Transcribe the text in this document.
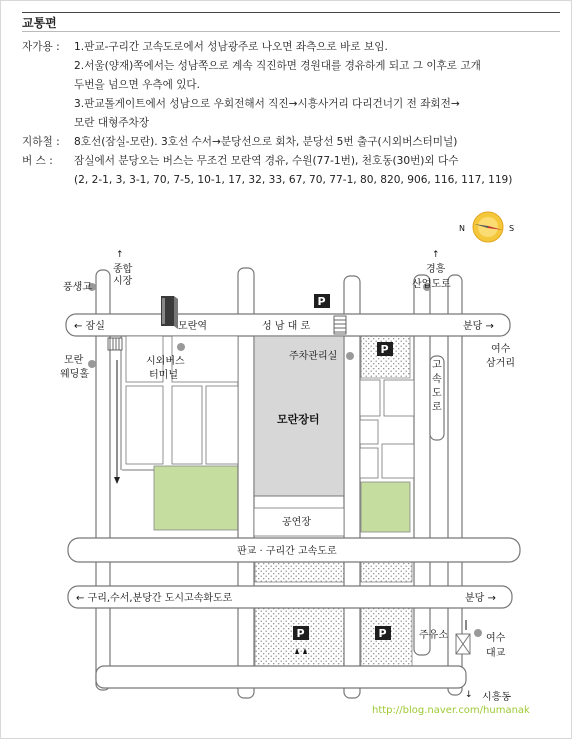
교통편
자가용 : 1.판교-구리간 고속도로에서 성남광주로 나오면 좌측으로 바로 보임.
2.서울(양재)쪽에서는 성남쪽으로 계속 직진하면 경원대를 경유하게 되고 그 이후로 고개
두번을 넘으면 우측에 있다.
3.판교톨게이트에서 성남으로 우회전해서 직진→시흥사거리 다리건너기 전 좌회전→
모란 대형주차장
지하철 : 8호선(잠실-모란). 3호선 수서→분당선으로 회차, 분당선 5번 출구(시외버스터미널)
버 스 : 잠실에서 분당오는 버스는 무조건 모란역 경유, 수원(77-1번), 천호동(30번)외 다수
(2, 2-1, 3, 3-1, 70, 7-5, 10-1, 17, 32, 33, 67, 70, 77-1, 80, 820, 906, 116, 117, 119)
N	S
P
P
P	P
↑
종합
시장
풍생고
↑
경흥
산업도로
← 잠실	모란역	성 남 대 로	분당 →
모란
웨딩홀
시외버스
터미널
주차관리실
여수
삼거리
고 속 도 로
모란장터
공연장
판교 · 구리간 고속도로
← 구리,수서,분당간 도시고속화도로	분당 →
주유소	여수
대교
↓ 시흥동
http://blog.naver.com/humanak
